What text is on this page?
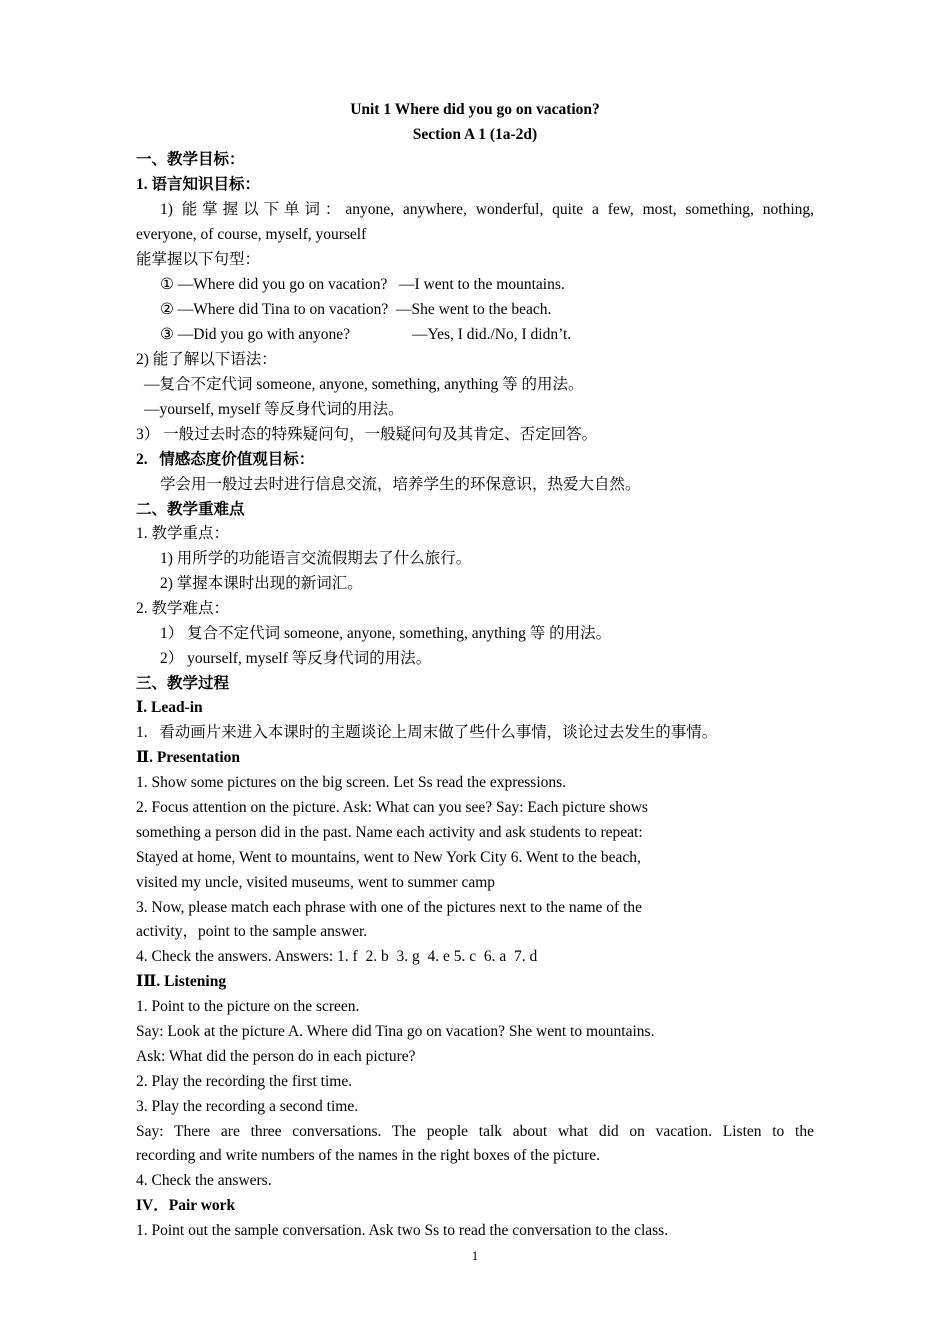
Unit 1 Where did you go on vacation?
Section A 1 (1a-2d)
一、教学目标：
1. 语言知识目标：
1) 能掌握以下单词：anyone, anywhere, wonderful, quite a few, most, something, nothing,
everyone, of course, myself, yourself
能掌握以下句型：
① —Where did you go on vacation?   —I went to the mountains.
② —Where did Tina to on vacation?  —She went to the beach.
③ —Did you go with anyone?                —Yes, I did./No, I didn’t.
2) 能了解以下语法：
—复合不定代词 someone, anyone, something, anything 等 的用法。
—yourself, myself 等反身代词的用法。
3） 一般过去时态的特殊疑问句，一般疑问句及其肯定、否定回答。
2.   情感态度价值观目标：
学会用一般过去时进行信息交流，培养学生的环保意识，热爱大自然。
二、教学重难点
1. 教学重点：
1) 用所学的功能语言交流假期去了什么旅行。
2) 掌握本课时出现的新词汇。
2. 教学难点：
1） 复合不定代词 someone, anyone, something, anything 等 的用法。
2） yourself, myself 等反身代词的用法。
三、教学过程
Ⅰ. Lead-in
1.   看动画片来进入本课时的主题谈论上周末做了些什么事情，谈论过去发生的事情。
Ⅱ. Presentation
1. Show some pictures on the big screen. Let Ss read the expressions.
2. Focus attention on the picture. Ask: What can you see? Say: Each picture shows
something a person did in the past. Name each activity and ask students to repeat:
Stayed at home, Went to mountains, went to New York City 6. Went to the beach,
visited my uncle, visited museums, went to summer camp
3. Now, please match each phrase with one of the pictures next to the name of the
activity，point to the sample answer.
4. Check the answers. Answers: 1. f  2. b  3. g  4. e 5. c  6. a  7. d
ⅠⅡ. Listening
1. Point to the picture on the screen.
Say: Look at the picture A. Where did Tina go on vacation? She went to mountains.
Ask: What did the person do in each picture?
2. Play the recording the first time.
3. Play the recording a second time.
Say: There are three conversations. The people talk about what did on vacation. Listen to the
recording and write numbers of the names in the right boxes of the picture.
4. Check the answers.
IV．Pair work
1. Point out the sample conversation. Ask two Ss to read the conversation to the class.
1
